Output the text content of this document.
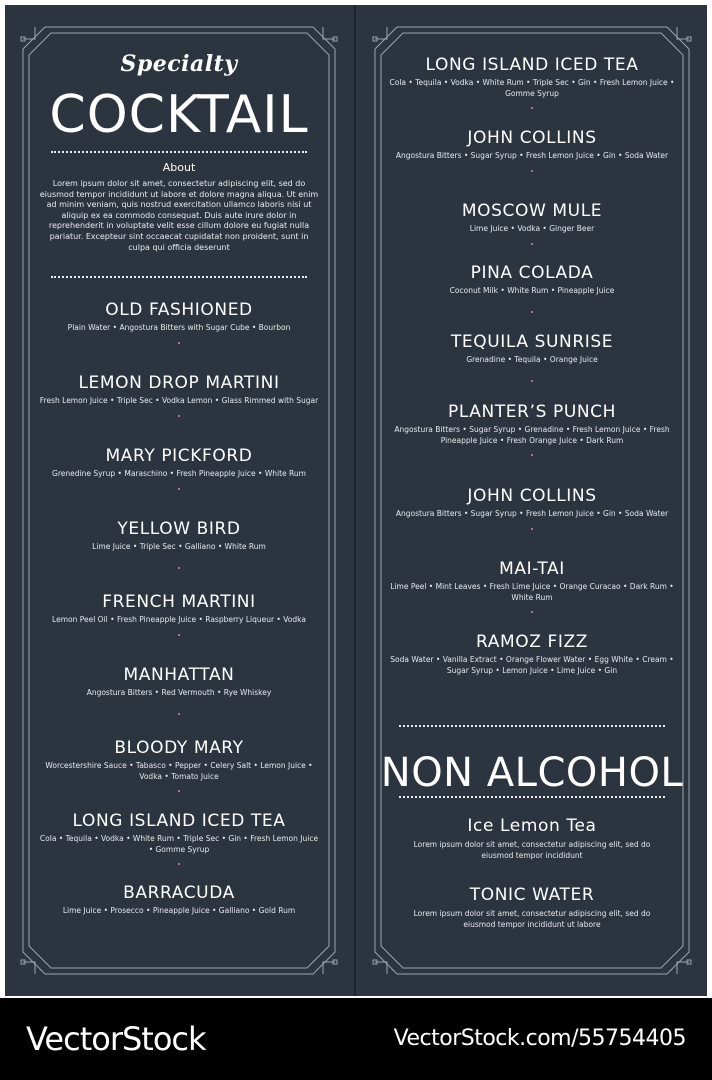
Specialty
COCKTAIL
About
Lorem ipsum dolor sit amet, consectetur adipiscing elit, sed do eiusmod tempor incididunt ut labore et dolore magna aliqua. Ut enim ad minim veniam, quis nostrud exercitation ullamco laboris nisi ut aliquip ex ea commodo consequat. Duis aute irure dolor in reprehenderit in voluptate velit esse cillum dolore eu fugiat nulla pariatur. Excepteur sint occaecat cupidatat non proident, sunt in culpa qui officia deserunt
OLD FASHIONED
Plain Water • Angostura Bitters with Sugar Cube • Bourbon
LEMON DROP MARTINI
Fresh Lemon Juice • Triple Sec • Vodka Lemon • Glass Rimmed with Sugar
MARY PICKFORD
Grenedine Syrup • Maraschino • Fresh Pineapple Juice • White Rum
YELLOW BIRD
Lime Juice • Triple Sec • Galliano • White Rum
FRENCH MARTINI
Lemon Peel Oil • Fresh Pineapple Juice • Raspberry Liqueur • Vodka
MANHATTAN
Angostura Bitters • Red Vermouth • Rye Whiskey
BLOODY MARY
Worcestershire Sauce • Tabasco • Pepper • Celery Salt • Lemon Juice • Vodka • Tomato Juice
LONG ISLAND ICED TEA
Cola • Tequila • Vodka • White Rum • Triple Sec • Gin • Fresh Lemon Juice • Gomme Syrup
BARRACUDA
Lime Juice • Prosecco • Pineapple Juice • Galliano • Gold Rum
LONG ISLAND ICED TEA
Cola • Tequila • Vodka • White Rum • Triple Sec • Gin • Fresh Lemon Juice • Gomme Syrup
JOHN COLLINS
Angostura Bitters • Sugar Syrup • Fresh Lemon Juice • Gin • Soda Water
MOSCOW MULE
Lime Juice • Vodka • Ginger Beer
PINA COLADA
Coconut Milk • White Rum • Pineapple Juice
TEQUILA SUNRISE
Grenadine • Tequila • Orange Juice
PLANTER’S PUNCH
Angostura Bitters • Sugar Syrup • Grenadine • Fresh Lemon Juice • Fresh Pineapple Juice • Fresh Orange Juice • Dark Rum
JOHN COLLINS
Angostura Bitters • Sugar Syrup • Fresh Lemon Juice • Gin • Soda Water
MAI-TAI
Lime Peel • Mint Leaves • Fresh Lime Juice • Orange Curacao • Dark Rum • White Rum
RAMOZ FIZZ
Soda Water • Vanilla Extract • Orange Flower Water • Egg White • Cream • Sugar Syrup • Lemon Juice • Lime Juice • Gin
NON ALCOHOL
Ice Lemon Tea
Lorem ipsum dolor sit amet, consectetur adipiscing elit, sed do eiusmod tempor incididunt
TONIC WATER
Lorem ipsum dolor sit amet, consectetur adipiscing elit, sed do eiusmod tempor incididunt ut labore
VectorStock	VectorStock.com/55754405
